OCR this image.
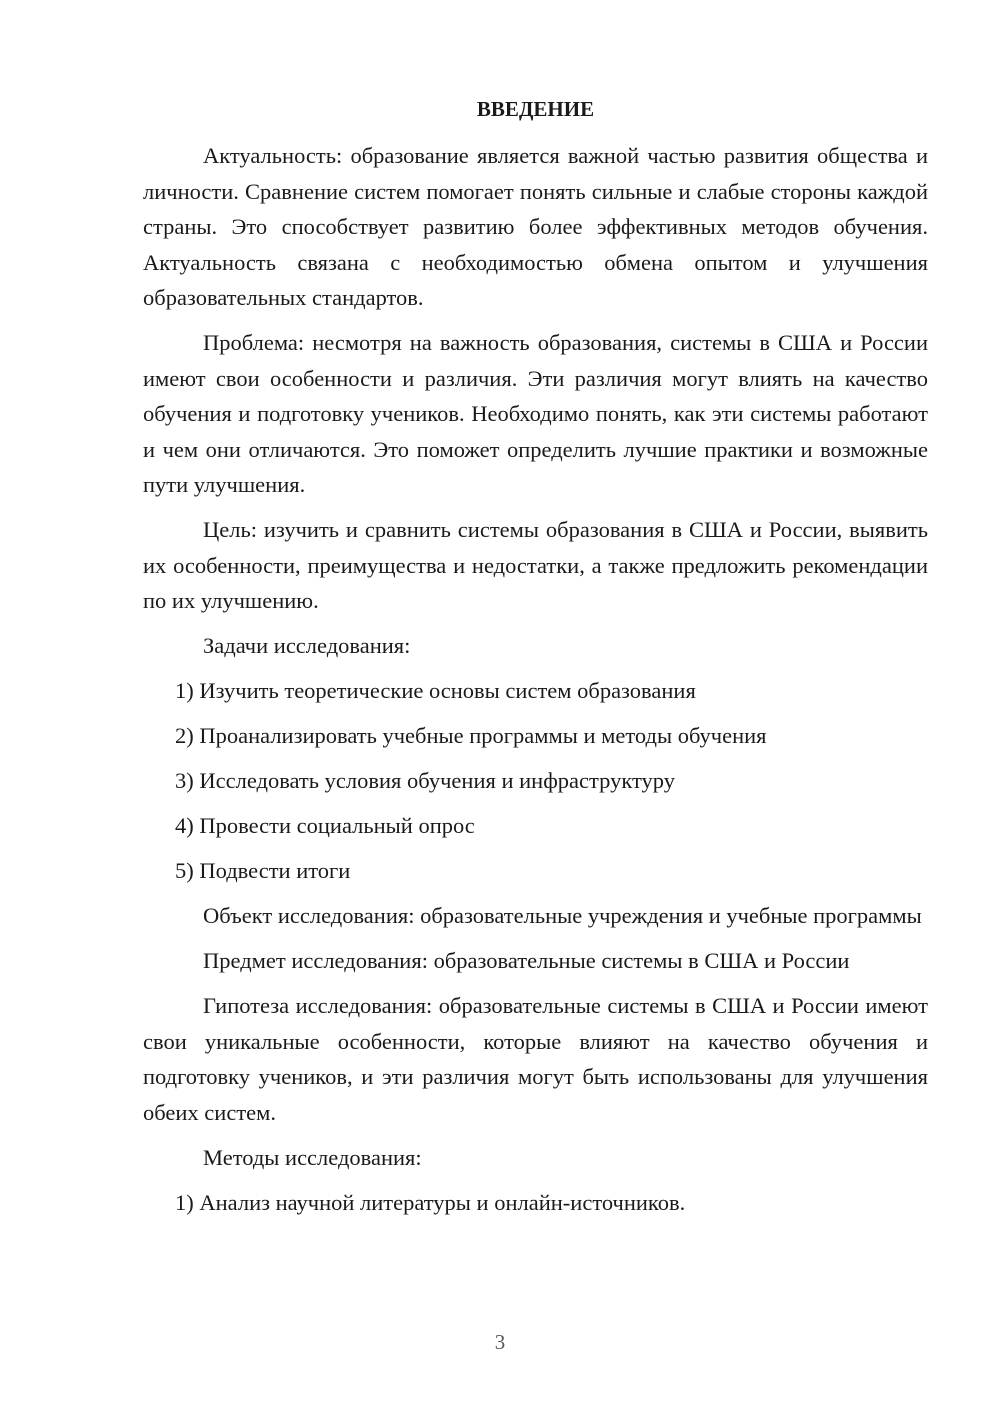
ВВЕДЕНИЕ
Актуальность: образование является важной частью развития общества и личности. Сравнение систем помогает понять сильные и слабые стороны каждой страны. Это способствует развитию более эффективных методов обучения. Актуальность связана с необходимостью обмена опытом и улучшения образовательных стандартов.
Проблема: несмотря на важность образования, системы в США и России имеют свои особенности и различия. Эти различия могут влиять на качество обучения и подготовку учеников. Необходимо понять, как эти системы работают и чем они отличаются. Это поможет определить лучшие практики и возможные пути улучшения.
Цель: изучить и сравнить системы образования в США и России, выявить их особенности, преимущества и недостатки, а также предложить рекомендации по их улучшению.
Задачи исследования:
1) Изучить теоретические основы систем образования
2) Проанализировать учебные программы и методы обучения
3) Исследовать условия обучения и инфраструктуру
4) Провести социальный опрос
5) Подвести итоги
Объект исследования: образовательные учреждения и учебные программы
Предмет исследования: образовательные системы в США и России
Гипотеза исследования: образовательные системы в США и России имеют свои уникальные особенности, которые влияют на качество обучения и подготовку учеников, и эти различия могут быть использованы для улучшения обеих систем.
Методы исследования:
1) Анализ научной литературы и онлайн-источников.
3
